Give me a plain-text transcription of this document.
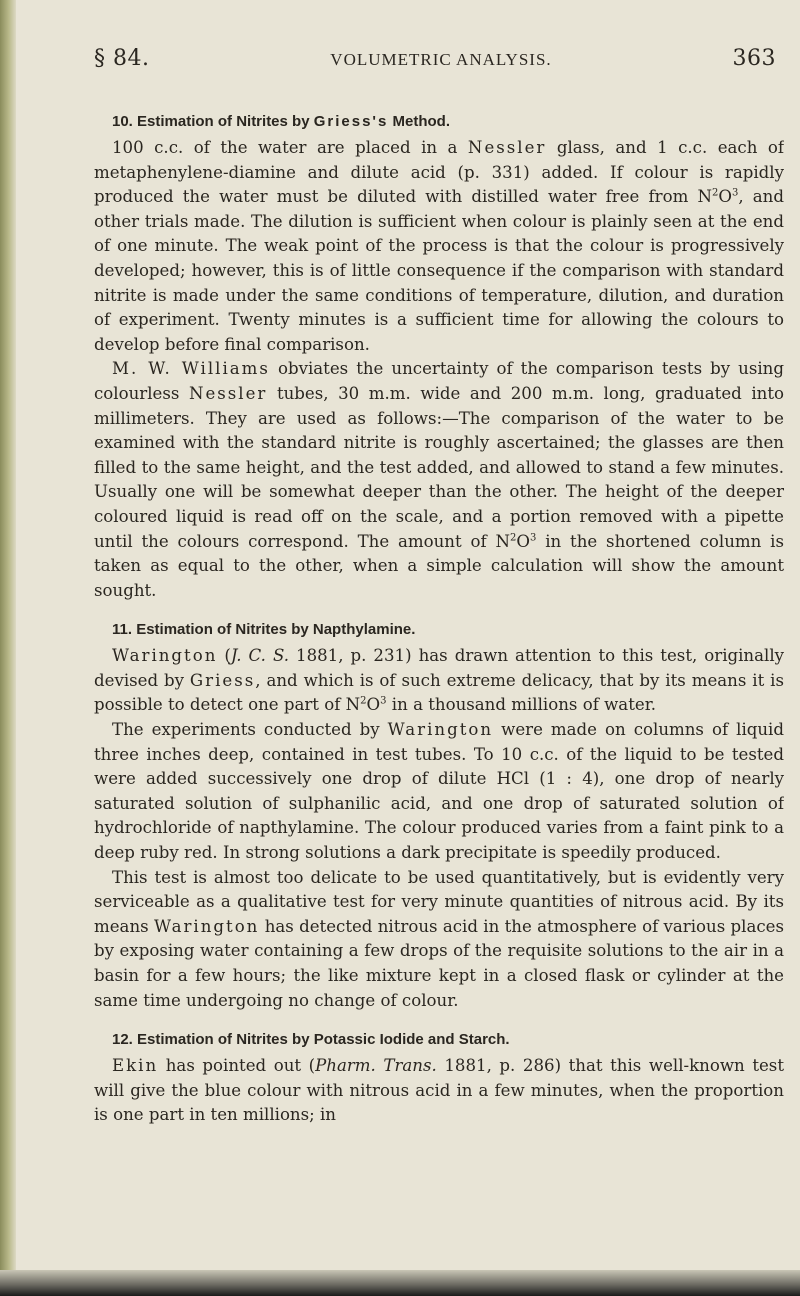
§ 84.	VOLUMETRIC ANALYSIS.	363
10. Estimation of Nitrites by Griess's Method.

100 c.c. of the water are placed in a Nessler glass, and 1 c.c. each of metaphenylene-diamine and dilute acid (p. 331) added. If colour is rapidly produced the water must be diluted with distilled water free from $N^2O^3$, and other trials made. The dilution is sufficient when colour is plainly seen at the end of one minute. The weak point of the process is that the colour is progressively developed; however, this is of little consequence if the comparison with standard nitrite is made under the same conditions of temperature, dilution, and duration of experiment. Twenty minutes is a sufficient time for allowing the colours to develop before final comparison.

M. W. Williams obviates the uncertainty of the comparison tests by using colourless Nessler tubes, 30 m.m. wide and 200 m.m. long, graduated into millimeters. They are used as follows:—The comparison of the water to be examined with the standard nitrite is roughly ascertained; the glasses are then filled to the same height, and the test added, and allowed to stand a few minutes. Usually one will be somewhat deeper than the other. The height of the deeper coloured liquid is read off on the scale, and a portion removed with a pipette until the colours correspond. The amount of $N^2O^3$ in the shortened column is taken as equal to the other, when a simple calculation will show the amount sought.

11. Estimation of Nitrites by Napthylamine.

Warington (J. C. S. 1881, p. 231) has drawn attention to this test, originally devised by Griess, and which is of such extreme delicacy, that by its means it is possible to detect one part of $N^2O^3$ in a thousand millions of water.

The experiments conducted by Warington were made on columns of liquid three inches deep, contained in test tubes. To 10 c.c. of the liquid to be tested were added successively one drop of dilute HCl (1 : 4), one drop of nearly saturated solution of sulphanilic acid, and one drop of saturated solution of hydrochloride of napthylamine. The colour produced varies from a faint pink to a deep ruby red. In strong solutions a dark precipitate is speedily produced.

This test is almost too delicate to be used quantitatively, but is evidently very serviceable as a qualitative test for very minute quantities of nitrous acid. By its means Warington has detected nitrous acid in the atmosphere of various places by exposing water containing a few drops of the requisite solutions to the air in a basin for a few hours; the like mixture kept in a closed flask or cylinder at the same time undergoing no change of colour.

12. Estimation of Nitrites by Potassic Iodide and Starch.

Ekin has pointed out (Pharm. Trans. 1881, p. 286) that this well-known test will give the blue colour with nitrous acid in a few minutes, when the proportion is one part in ten millions; in
